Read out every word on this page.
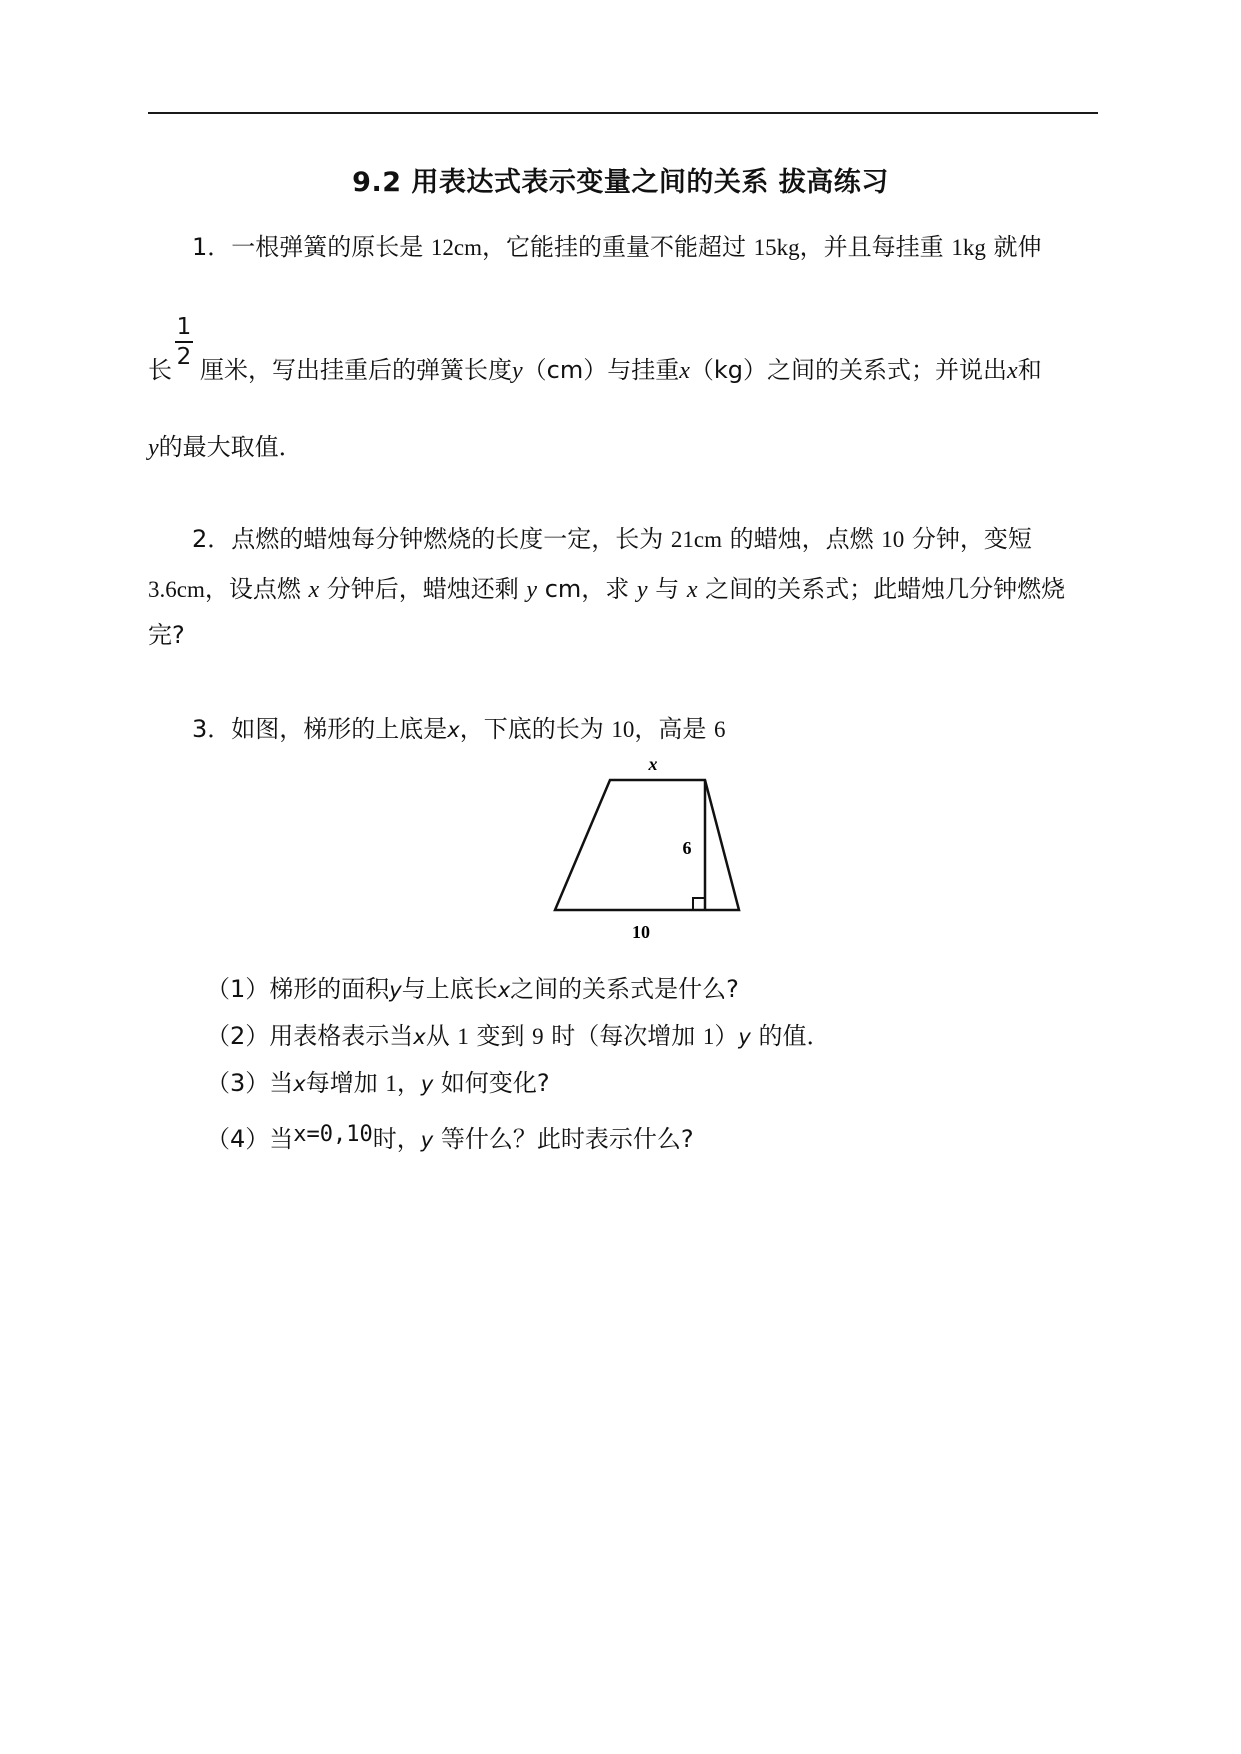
9.2 用表达式表示变量之间的关系 拔高练习
1．一根弹簧的原长是 12cm，它能挂的重量不能超过 15kg，并且每挂重 1kg 就伸
1
2
长 厘米，写出挂重后的弹簧长度y（cm）与挂重x（kg）之间的关系式；并说出x和
y的最大取值．
2．点燃的蜡烛每分钟燃烧的长度一定，长为 21cm 的蜡烛，点燃 10 分钟，变短
3.6cm，设点燃 x 分钟后，蜡烛还剩 y cm，求 y 与 x 之间的关系式；此蜡烛几分钟燃烧
完?
3．如图，梯形的上底是x，下底的长为 10，高是 6
x
6
10
（1）梯形的面积y与上底长x之间的关系式是什么?
（2）用表格表示当x从 1 变到 9 时（每次增加 1）y 的值．
（3）当x每增加 1，y 如何变化?
（4）当x=0,10时，y 等什么？此时表示什么?
